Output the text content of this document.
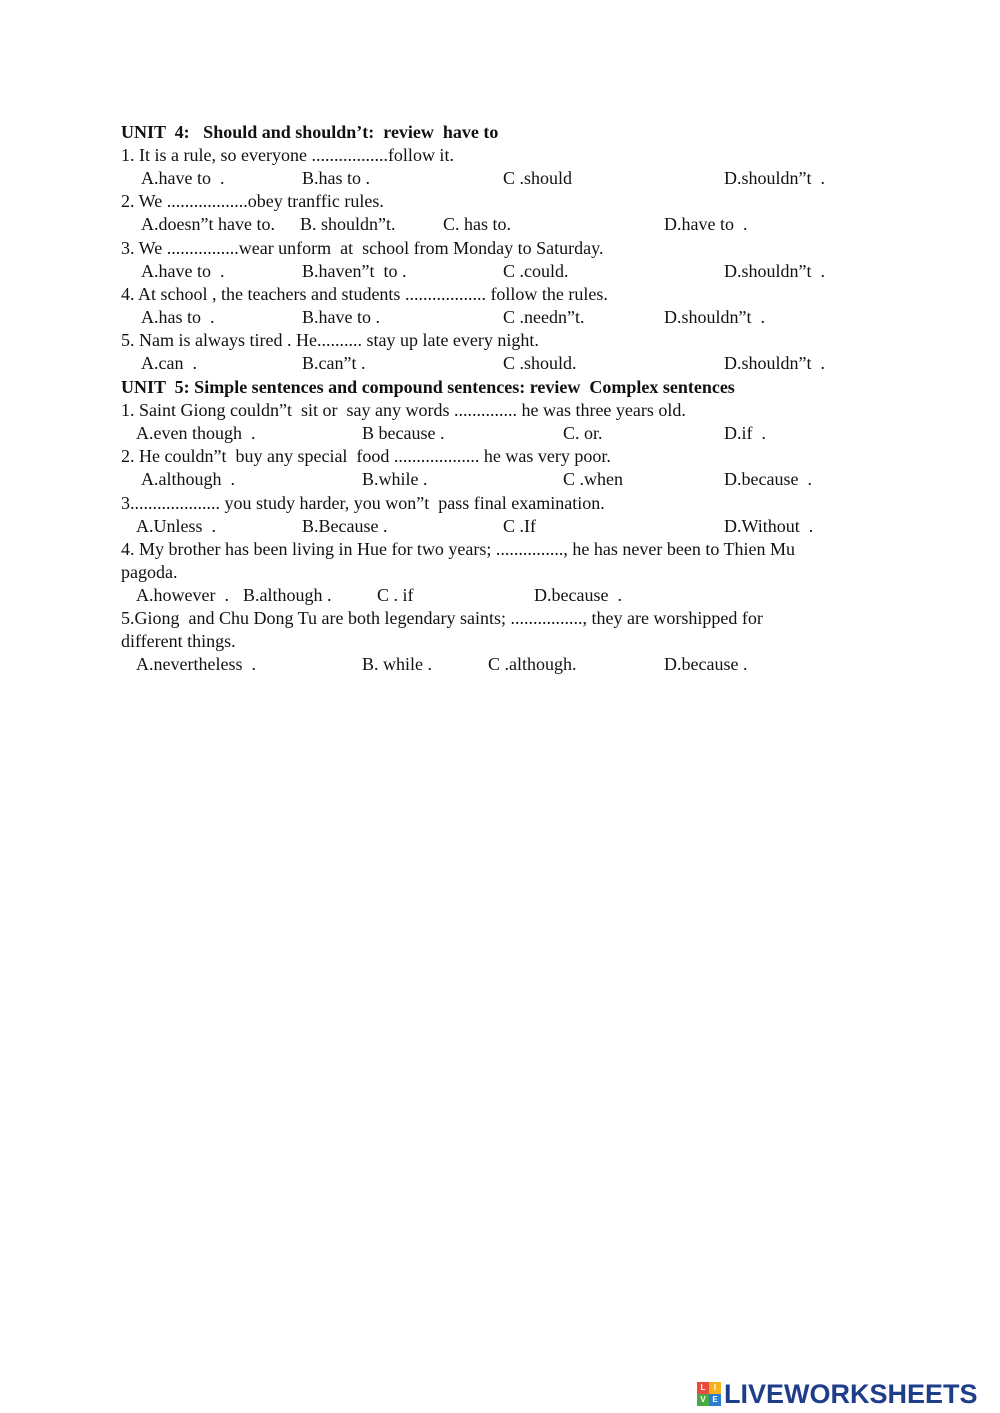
UNIT  4:   Should and shouldn’t:  review  have to
1. It is a rule, so everyone .................follow it.
A.have to  .	B.has to .	C .should	D.shouldn”t  .
2. We ..................obey tranffic rules.
A.doesn”t have to. B. shouldn”t.	C. has to.	D.have to  .
3. We ................wear unform  at  school from Monday to Saturday.
A.have to  .	B.haven”t  to .	C .could.	D.shouldn”t  .
4. At school , the teachers and students .................. follow the rules.
A.has to  .	B.have to .	C .needn”t.	D.shouldn”t  .
5. Nam is always tired . He.......... stay up late every night.
A.can  .	B.can”t .	C .should.	D.shouldn”t  .
UNIT  5: Simple sentences and compound sentences: review  Complex sentences
1. Saint Giong couldn”t  sit or  say any words .............. he was three years old.
A.even though  .	B because .	C. or.	D.if  .
2. He couldn”t  buy any special  food ................... he was very poor.
A.although  .	B.while .	C .when	D.because  .
3.................... you study harder, you won”t  pass final examination.
A.Unless  .	B.Because .	C .If	D.Without  .
4. My brother has been living in Hue for two years; ..............., he has never been to Thien Mu
pagoda.
A.however  . B.although .	C . if	D.because  .
5.Giong  and Chu Dong Tu are both legendary saints; ................, they are worshipped for
different things.
A.nevertheless  .	B. while .	C .although.	D.because .
L	I
V E LIVEWORKSHEETS
